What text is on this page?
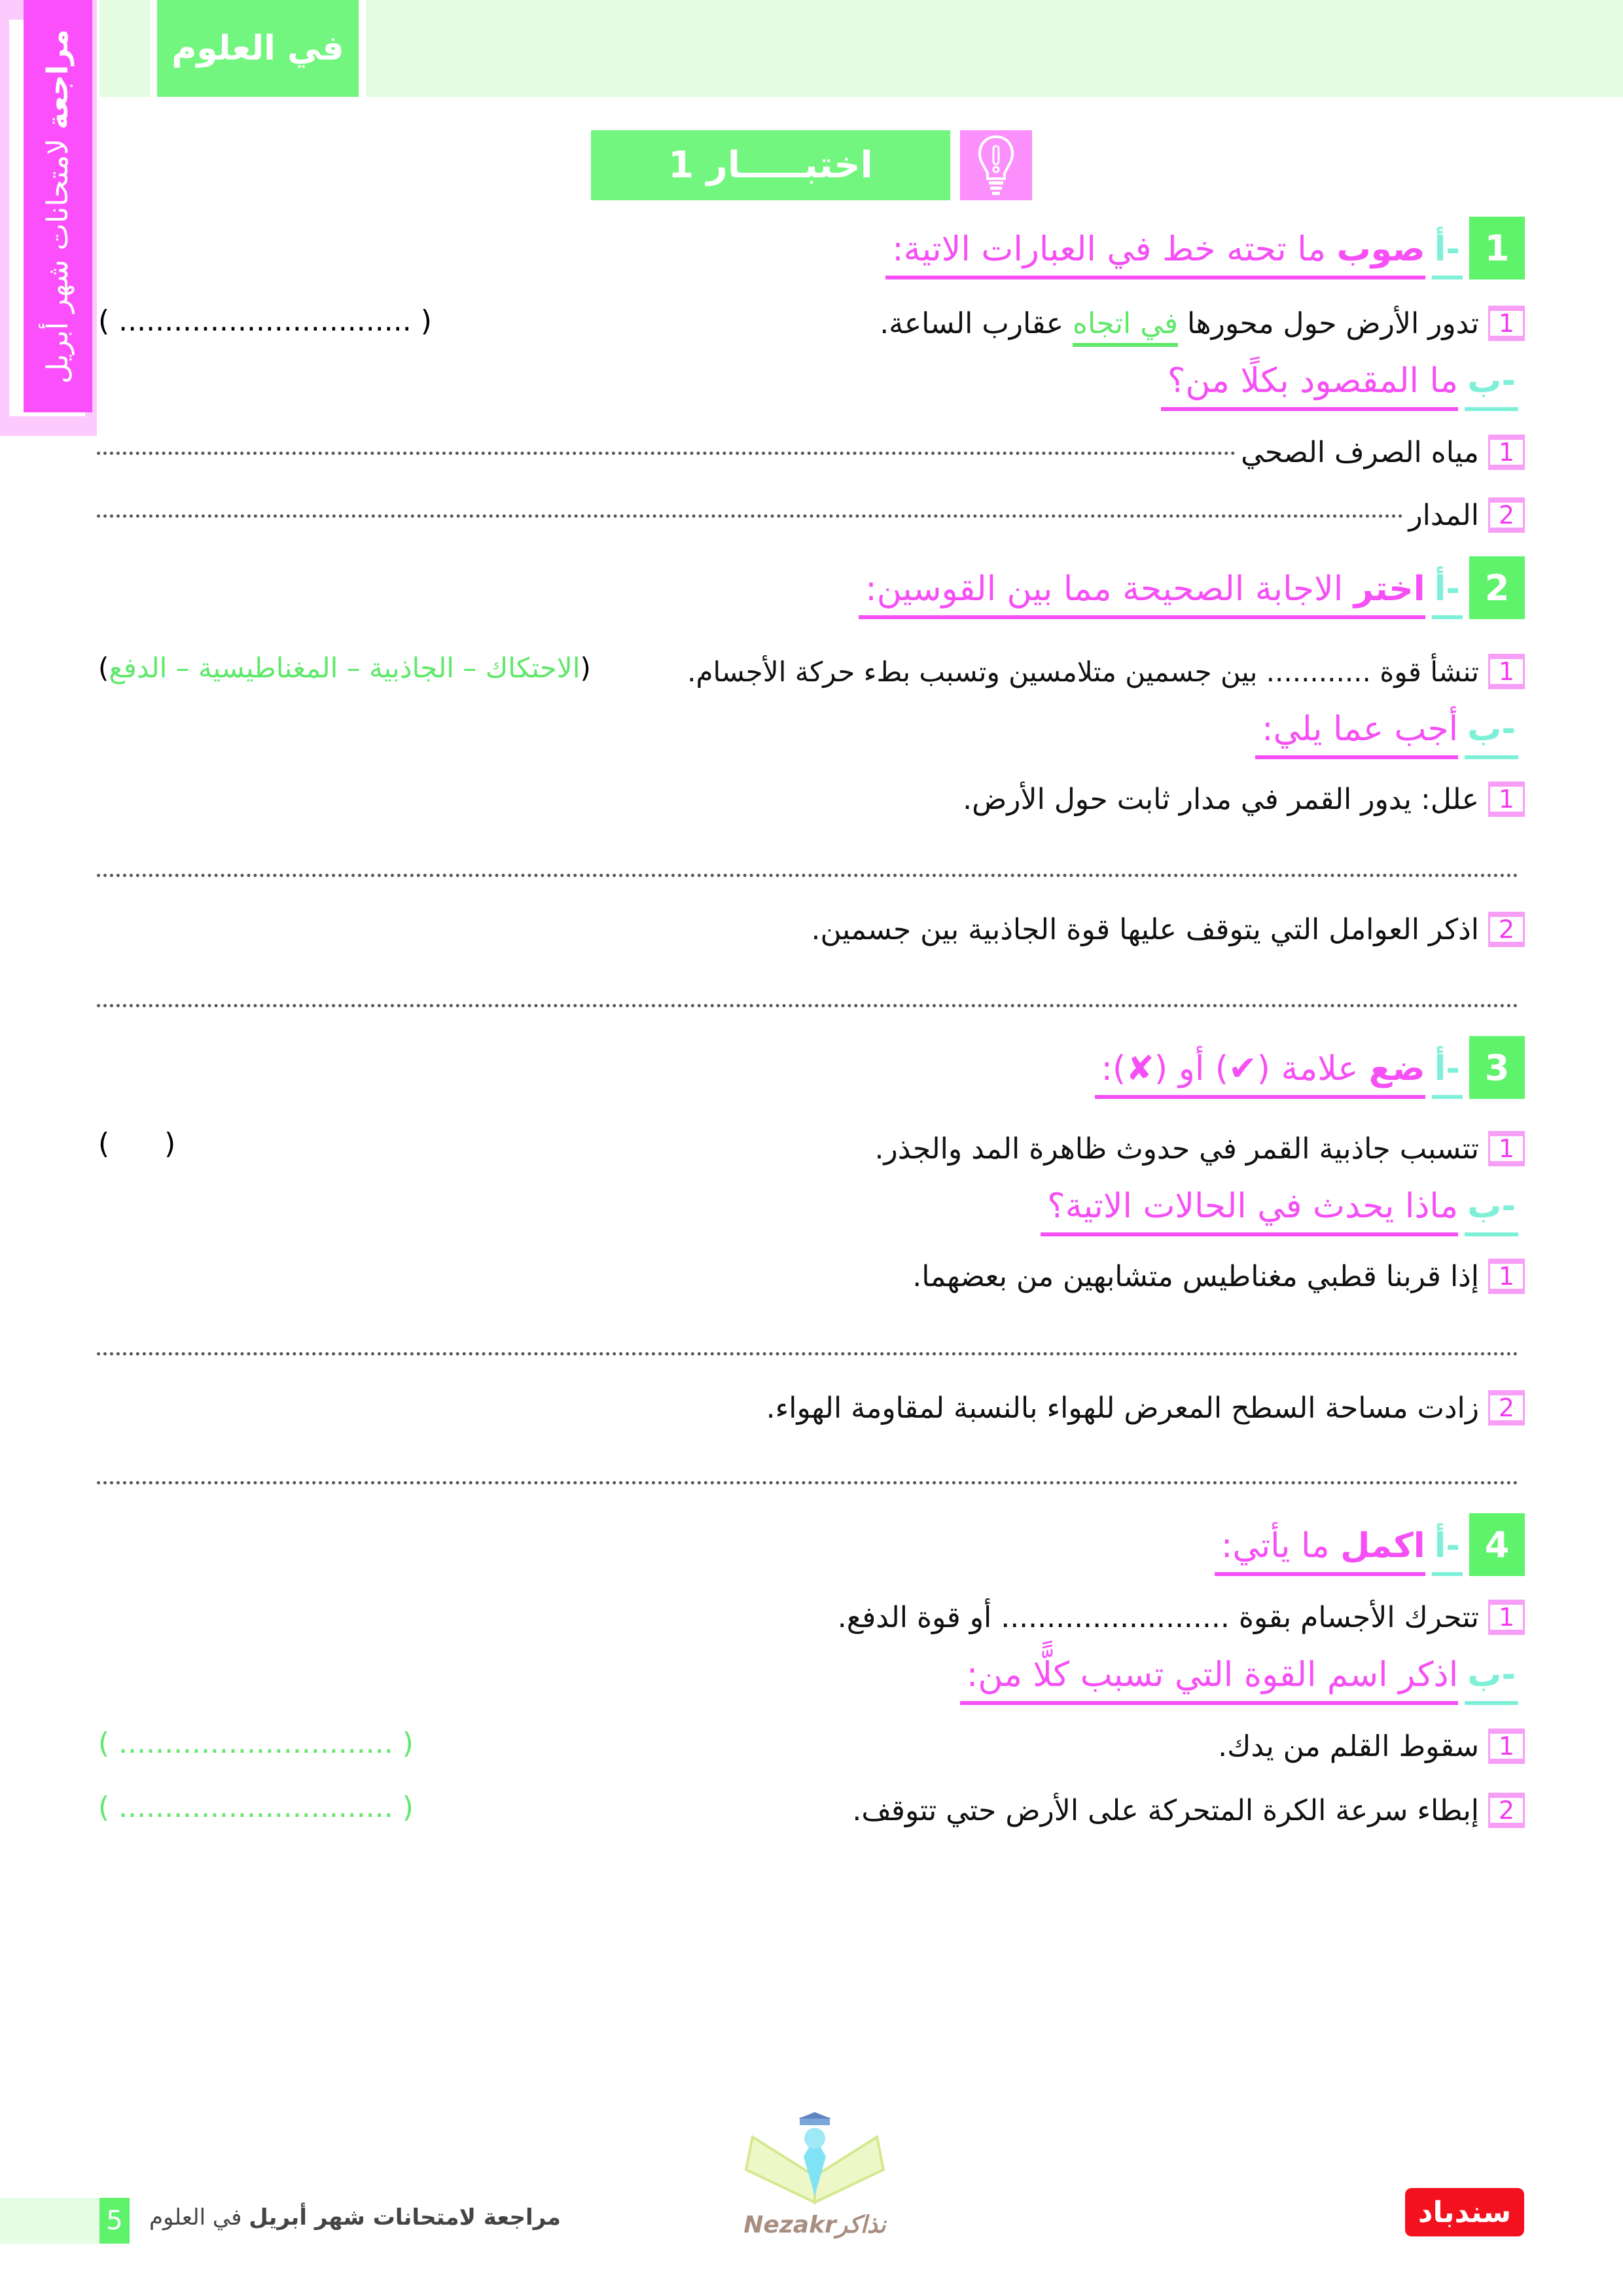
مراجعة لامتحانات شهر أبريل
في العلوم
اختبـــــار 1
1
أ-
صوب ما تحته خط في العبارات الاتية:
1
تدور الأرض حول محورها في اتجاه عقارب الساعة.
( ................................ )
ب-
ما المقصود بكلًا من؟
1
مياه الصرف الصحي
2
المدار
2
أ-
اختر الاجابة الصحيحة مما بين القوسين:
1
تنشأ قوة ............ بين جسمين متلامسين وتسبب بطء حركة الأجسام.
(الاحتكاك – الجاذبية – المغناطيسية – الدفع)
ب-
أجب عما يلي:
1
علل: يدور القمر في مدار ثابت حول الأرض.
2
اذكر العوامل التي يتوقف عليها قوة الجاذبية بين جسمين.
3
أ-
ضع علامة (✔) أو (✘):
1
تتسبب جاذبية القمر في حدوث ظاهرة المد والجذر.
(      )
ب-
ماذا يحدث في الحالات الاتية؟
1
إذا قربنا قطبي مغناطيس متشابهين من بعضهما.
2
زادت مساحة السطح المعرض للهواء بالنسبة لمقاومة الهواء.
4
أ-
اكمل ما يأتي:
1
تتحرك الأجسام بقوة ......................... أو قوة الدفع.
ب-
اذكر اسم القوة التي تسبب كلًّا من:
1
سقوط القلم من يدك.
( .............................. )
2
إبطاء سرعة الكرة المتحركة على الأرض حتي تتوقف.
( .............................. )
5	مراجعة لامتحانات شهر أبريل في العلوم	Nezakrنذاكر	سندباد
